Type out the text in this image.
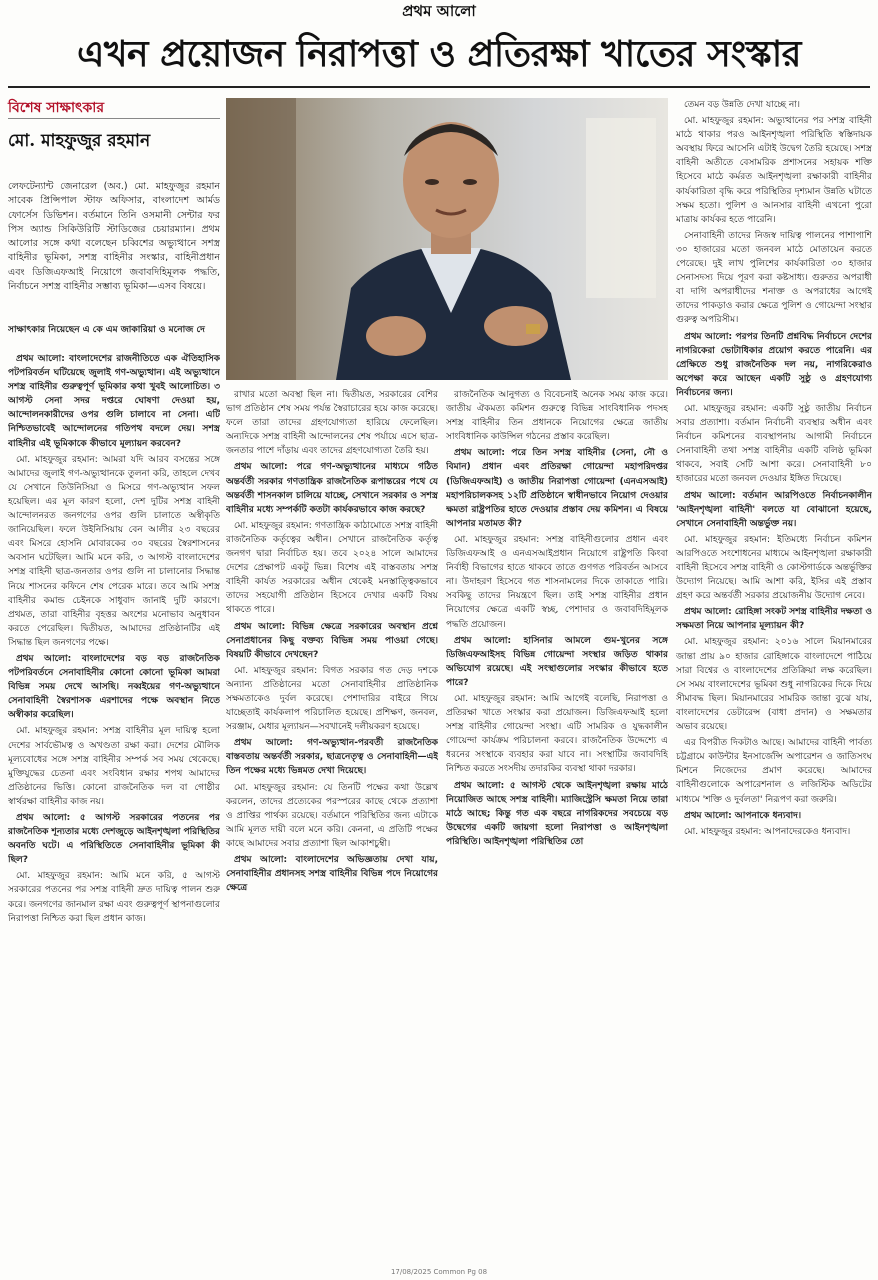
প্রথম আলো
এখন প্রয়োজন নিরাপত্তা ও প্রতিরক্ষা খাতের সংস্কার
বিশেষ সাক্ষাৎকার
মো. মাহফুজুর রহমান
লেফটেন্যান্ট জেনারেল (অব.) মো. মাহফুজুর রহমান সাবেক প্রিন্সিপাল স্টাফ অফিসার, বাংলাদেশ আর্মড ফোর্সেস ডিভিশন। বর্তমানে তিনি ওসমানী সেন্টার ফর পিস অ্যান্ড সিকিউরিটি স্টাডিজের চেয়ারম্যান। প্রথম আলোর সঙ্গে কথা বলেছেন চব্বিশের অভ্যুত্থানে সশস্ত্র বাহিনীর ভূমিকা, সশস্ত্র বাহিনীর সংস্কার, বাহিনীপ্রধান এবং ডিজিএফআই নিয়োগে জবাবদিহিমূলক পদ্ধতি, নির্বাচনে সশস্ত্র বাহিনীর সম্ভাব্য ভূমিকা—এসব বিষয়ে।
সাক্ষাৎকার নিয়েছেন এ কে এম জাকারিয়া ও মনোজ দে

প্রথম আলো: বাংলাদেশের রাজনীতিতে এক ঐতিহাসিক পটপরিবর্তন ঘটিয়েছে জুলাই গণ-অভ্যুত্থান। এই অভ্যুত্থানে সশস্ত্র বাহিনীর গুরুত্বপূর্ণ ভূমিকার কথা খুবই আলোচিত। ৩ আগস্ট সেনা সদর দপ্তরে ঘোষণা দেওয়া হয়, আন্দোলনকারীদের ওপর গুলি চালাবে না সেনা। এটি নিশ্চিতভাবেই আন্দোলনের গতিপথ বদলে দেয়। সশস্ত্র বাহিনীর এই ভূমিকাকে কীভাবে মূল্যায়ন করবেন?

মো. মাহফুজুর রহমান: আমরা যদি আরব বসন্তের সঙ্গে আমাদের জুলাই গণ-অভ্যুত্থানকে তুলনা করি, তাহলে দেখব যে সেখানে তিউনিসিয়া ও মিসরে গণ-অভ্যুত্থান সফল হয়েছিল। এর মূল কারণ হলো, দেশ দুটির সশস্ত্র বাহিনী আন্দোলনরত জনগণের ওপর গুলি চালাতে অস্বীকৃতি জানিয়েছিল। ফলে উইনিসিয়ায় বেন আলীর ২৩ বছরের এবং মিসরে হোসনি মোবারকের ৩০ বছরের স্বৈরশাসনের অবসান ঘটেছিল। আমি মনে করি, ৩ আগস্ট বাংলাদেশের সশস্ত্র বাহিনী ছাত্র-জনতার ওপর গুলি না চালানোর সিদ্ধান্ত নিয়ে শাসনের কফিনে শেষ পেরেক মারে। তবে আমি সশস্ত্র বাহিনীর কমান্ড চেইনকে সাধুবাদ জানাই দুটি কারণে। প্রথমত, তারা বাহিনীর বৃহত্তর অংশের মনোভাব অনুধাবন করতে পেরেছিল। দ্বিতীয়ত, আমাদের প্রতিষ্ঠানটির এই সিদ্ধান্ত ছিল জনগণের পক্ষে।

প্রথম আলো: বাংলাদেশের বড় বড় রাজনৈতিক পটপরিবর্তনে সেনাবাহিনীর কোনো কোনো ভূমিকা আমরা বিভিন্ন সময় দেখে আসছি। নব্বইয়ের গণ-অভ্যুত্থানে সেনাবাহিনী স্বৈরশাসক এরশাদের পক্ষে অবস্থান নিতে অস্বীকার করেছিল।

মো. মাহফুজুর রহমান: সশস্ত্র বাহিনীর মূল দায়িত্ব হলো দেশের সার্বভৌমত্ব ও অখণ্ডতা রক্ষা করা। দেশের মৌলিক মূল্যবোধের সঙ্গে সশস্ত্র বাহিনীর সম্পর্ক সব সময় থেকেছে। মুক্তিযুদ্ধের চেতনা এবং সংবিধান রক্ষার শপথ আমাদের প্রতিষ্ঠানের ভিত্তি। কোনো রাজনৈতিক দল বা গোষ্ঠীর স্বার্থরক্ষা বাহিনীর কাজ নয়।

প্রথম আলো: ৫ আগস্ট সরকারের পতনের পর রাজনৈতিক শূন্যতার মধ্যে দেশজুড়ে আইনশৃঙ্খলা পরিস্থিতির অবনতি ঘটে। এ পরিস্থিতিতে সেনাবাহিনীর ভূমিকা কী ছিল?

মো. মাহফুজুর রহমান: আমি মনে করি, ৫ আগস্ট সরকারের পতনের পর সশস্ত্র বাহিনী দ্রুত দায়িত্ব পালন শুরু করে। জনগণের জানমাল রক্ষা এবং গুরুত্বপূর্ণ স্থাপনাগুলোর নিরাপত্তা নিশ্চিত করা ছিল প্রধান কাজ।

রাখার মতো অবস্থা ছিল না। দ্বিতীয়ত, সরকারের বেশির ভাগ প্রতিষ্ঠান শেষ সময় পর্যন্ত স্বৈরাচারের হয়ে কাজ করেছে। ফলে তারা তাদের গ্রহণযোগ্যতা হারিয়ে ফেলেছিল। অন্যদিকে সশস্ত্র বাহিনী আন্দোলনের শেষ পর্যায়ে এসে ছাত্র-জনতার পাশে দাঁড়ায় এবং তাদের গ্রহণযোগ্যতা তৈরি হয়।

প্রথম আলো: পরে গণ-অভ্যুত্থানের মাধ্যমে গঠিত অন্তর্বর্তী সরকার গণতান্ত্রিক রাজনৈতিক রূপান্তরের পথে যে অন্তর্বর্তী শাসনকাল চালিয়ে যাচ্ছে, সেখানে সরকার ও সশস্ত্র বাহিনীর মধ্যে সম্পর্কটি কতটা কার্যকরভাবে কাজ করছে?

মো. মাহফুজুর রহমান: গণতান্ত্রিক কাঠামোতে সশস্ত্র বাহিনী রাজনৈতিক কর্তৃত্বের অধীন। সেখানে রাজনৈতিক কর্তৃত্ব জনগণ দ্বারা নির্বাচিত হয়। তবে ২০২৪ সালে আমাদের দেশের প্রেক্ষাপট একটু ভিন্ন। বিশেষ এই বাস্তবতায় সশস্ত্র বাহিনী কার্যত সরকারের অধীন থেকেই মনস্তাত্ত্বিকভাবে তাদের সহযোগী প্রতিষ্ঠান হিসেবে দেখার একটি বিষয় থাকতে পারে।

প্রথম আলো: বিভিন্ন ক্ষেত্রে সরকারের অবস্থান প্রশ্নে সেনাপ্রধানের কিছু বক্তব্য বিভিন্ন সময় পাওয়া গেছে। বিষয়টি কীভাবে দেখছেন?

মো. মাহফুজুর রহমান: বিগত সরকার গত দেড় দশকে অন্যান্য প্রতিষ্ঠানের মতো সেনাবাহিনীর প্রাতিষ্ঠানিক সক্ষমতাকেও দুর্বল করেছে। পেশাদারির বাইরে গিয়ে যাচ্ছেতাই কার্যকলাপ পরিচালিত হয়েছে। প্রশিক্ষণ, জনবল, সরঞ্জাম, মেধার মূল্যায়ন—সবখানেই দলীয়করণ হয়েছে।

প্রথম আলো: গণ-অভ্যুত্থান-পরবর্তী রাজনৈতিক বাস্তবতায় অন্তর্বর্তী সরকার, ছাত্রনেতৃত্ব ও সেনাবাহিনী—এই তিন পক্ষের মধ্যে ভিন্নমত দেখা দিয়েছে।

মো. মাহফুজুর রহমান: যে তিনটি পক্ষের কথা উল্লেখ করলেন, তাদের প্রত্যেকের পরস্পরের কাছে থেকে প্রত্যাশা ও প্রাপ্তির পার্থক্য রয়েছে। বর্তমানে পরিস্থিতির জন্য এটাকে আমি মূলত দায়ী বলে মনে করি। কেননা, এ প্রতিটি পক্ষের কাছে আমাদের সবার প্রত্যাশা ছিল আকাশচুম্বী।

প্রথম আলো: বাংলাদেশের অভিজ্ঞতায় দেখা যায়, সেনাবাহিনীর প্রধানসহ সশস্ত্র বাহিনীর বিভিন্ন পদে নিয়োগের ক্ষেত্রে

রাজনৈতিক আনুগত্য ও বিবেচনাই অনেক সময় কাজ করে। জাতীয় ঐকমত্য কমিশন গুরুত্বে বিভিন্ন সাংবিধানিক পদসহ সশস্ত্র বাহিনীর তিন প্রধানকে নিয়োগের ক্ষেত্রে জাতীয় সাংবিধানিক কাউন্সিল গঠনের প্রস্তাব করেছিল।

প্রথম আলো: পরে তিন সশস্ত্র বাহিনীর (সেনা, নৌ ও বিমান) প্রধান এবং প্রতিরক্ষা গোয়েন্দা মহাপরিদপ্তর (ডিজিএফআই) ও জাতীয় নিরাপত্তা গোয়েন্দা (এনএসআই) মহাপরিচালকসহ ১২টি প্রতিষ্ঠানে স্বাধীনভাবে নিয়োগ দেওয়ার ক্ষমতা রাষ্ট্রপতির হাতে দেওয়ার প্রস্তাব দেয় কমিশন। এ বিষয়ে আপনার মতামত কী?

মো. মাহফুজুর রহমান: সশস্ত্র বাহিনীগুলোর প্রধান এবং ডিজিএফআই ও এনএসআইপ্রধান নিয়োগে রাষ্ট্রপতি কিংবা নির্বাহী বিভাগের হাতে থাকবে তাতে গুণগত পরিবর্তন আসবে না। উদাহরণ হিসেবে গত শাসনামলের দিকে তাকাতে পারি। সবকিছু তাদের নিয়ন্ত্রণে ছিল। তাই সশস্ত্র বাহিনীর প্রধান নিয়োগের ক্ষেত্রে একটি স্বচ্ছ, পেশাদার ও জবাবদিহিমূলক পদ্ধতি প্রয়োজন।

প্রথম আলো: হাসিনার আমলে গুম-খুনের সঙ্গে ডিজিএফআইসহ বিভিন্ন গোয়েন্দা সংস্থার জড়িত থাকার অভিযোগ রয়েছে। এই সংস্থাগুলোর সংস্কার কীভাবে হতে পারে?

মো. মাহফুজুর রহমান: আমি আগেই বলেছি, নিরাপত্তা ও প্রতিরক্ষা খাতে সংস্কার করা প্রয়োজন। ডিজিএফআই হলো সশস্ত্র বাহিনীর গোয়েন্দা সংস্থা। এটি সামরিক ও যুদ্ধকালীন গোয়েন্দা কার্যক্রম পরিচালনা করবে। রাজনৈতিক উদ্দেশ্যে এ ধরনের সংস্থাকে ব্যবহার করা যাবে না। সংস্থাটির জবাবদিহি নিশ্চিত করতে সংসদীয় তদারকির ব্যবস্থা থাকা দরকার।

প্রথম আলো: ৫ আগস্ট থেকে আইনশৃঙ্খলা রক্ষায় মাঠে নিয়োজিত আছে সশস্ত্র বাহিনী। ম্যাজিস্ট্রেসি ক্ষমতা নিয়ে তারা মাঠে আছে; কিন্তু গত এক বছরে নাগরিকদের সবচেয়ে বড় উদ্বেগের একটি জায়গা হলো নিরাপত্তা ও আইনশৃঙ্খলা পরিস্থিতি। আইনশৃঙ্খলা পরিস্থিতির তো

তেমন বড় উন্নতি দেখা যাচ্ছে না।

মো. মাহফুজুর রহমান: অভ্যুত্থানের পর সশস্ত্র বাহিনী মাঠে থাকার পরও আইনশৃঙ্খলা পরিস্থিতি স্বস্তিদায়ক অবস্থায় ফিরে আসেনি এটাই উদ্বেগ তৈরি হয়েছে। সশস্ত্র বাহিনী অতীতে বেসামরিক প্রশাসনের সহায়ক শক্তি হিসেবে মাঠে কর্মরত আইনশৃঙ্খলা রক্ষাকারী বাহিনীর কার্যকারিতা বৃদ্ধি করে পরিস্থিতির দৃশ্যমান উন্নতি ঘটাতে সক্ষম হতো। পুলিশ ও আনসার বাহিনী এখনো পুরো মাত্রায় কার্যকর হতে পারেনি।

সেনাবাহিনী তাদের নিজস্ব দায়িত্ব পালনের পাশাপাশি ৩০ হাজারের মতো জনবল মাঠে মোতায়েন করতে পেরেছে। দুই লাখ পুলিশের কার্যকারিতা ৩০ হাজার সেনাসদস্য দিয়ে পূরণ করা কষ্টসাধ্য। গুরুতর অপরাধী বা দাগি অপরাধীদের শনাক্ত ও অপরাধের আগেই তাদের পাকড়াও করার ক্ষেত্রে পুলিশ ও গোয়েন্দা সংস্থার গুরুত্ব অপরিসীম।

প্রথম আলো: পরপর তিনটি প্রশ্নবিদ্ধ নির্বাচনে দেশের নাগরিকেরা ভোটাধিকার প্রয়োগ করতে পারেনি। এর প্রেক্ষিতে শুধু রাজনৈতিক দল নয়, নাগরিকেরাও অপেক্ষা করে আছেন একটি সুষ্ঠু ও গ্রহণযোগ্য নির্বাচনের জন্য।

মো. মাহফুজুর রহমান: একটি সুষ্ঠু জাতীয় নির্বাচন সবার প্রত্যাশা। বর্তমান নির্বাচনী ব্যবস্থার অধীন এবং নির্বাচন কমিশনের ব্যবস্থাপনায় আগামী নির্বাচনে সেনাবাহিনী তথা সশস্ত্র বাহিনীর একটি বলিষ্ঠ ভূমিকা থাকবে, সবাই সেটি আশা করে। সেনাবাহিনী ৮০ হাজারের মতো জনবল দেওয়ার ইঙ্গিত দিয়েছে।

প্রথম আলো: বর্তমান আরপিওতে নির্বাচনকালীন 'আইনশৃঙ্খলা বাহিনী' বলতে যা বোঝানো হয়েছে, সেখানে সেনাবাহিনী অন্তর্ভুক্ত নয়।

মো. মাহফুজুর রহমান: ইতিমধ্যে নির্বাচন কমিশন আরপিওতে সংশোধনের মাধ্যমে আইনশৃঙ্খলা রক্ষাকারী বাহিনী হিসেবে সশস্ত্র বাহিনী ও কোস্টগার্ডকে অন্তর্ভুক্তির উদ্যোগ নিয়েছে। আমি আশা করি, ইসির এই প্রস্তাব গ্রহণ করে অন্তর্বর্তী সরকার প্রয়োজনীয় উদ্যোগ নেবে।

প্রথম আলো: রোহিঙ্গা সংকট সশস্ত্র বাহিনীর দক্ষতা ও সক্ষমতা নিয়ে আপনার মূল্যায়ন কী?

মো. মাহফুজুর রহমান: ২০১৬ সালে মিয়ানমারের জান্তা প্রায় ৯০ হাজার রোহিঙ্গাকে বাংলাদেশে পাঠিয়ে সারা বিশ্বের ও বাংলাদেশের প্রতিক্রিয়া লক্ষ করেছিল। সে সময় বাংলাদেশের ভূমিকা শুধু নাগরিকের দিকে দিয়ে সীমাবদ্ধ ছিল। মিয়ানমারের সামরিক জান্তা বুঝে যায়, বাংলাদেশের ডেটারেন্স (বাধা প্রদান) ও সক্ষমতার অভাব রয়েছে।

এর বিপরীত দিকটাও আছে। আমাদের বাহিনী পার্বত্য চট্টগ্রামে কাউন্টার ইনসার্জেন্সি অপারেশন ও জাতিসংঘ মিশনে নিজেদের প্রমাণ করেছে। আমাদের বাহিনীগুলোকে অপারেশনাল ও লজিস্টিক অডিটের মাধ্যমে 'শক্তি ও দুর্বলতা' নিরূপণ করা জরুরি।

প্রথম আলো: আপনাকে ধন্যবাদ।

মো. মাহফুজুর রহমান: আপনাদেরকেও ধন্যবাদ।

17/08/2025 Common Pg 08
